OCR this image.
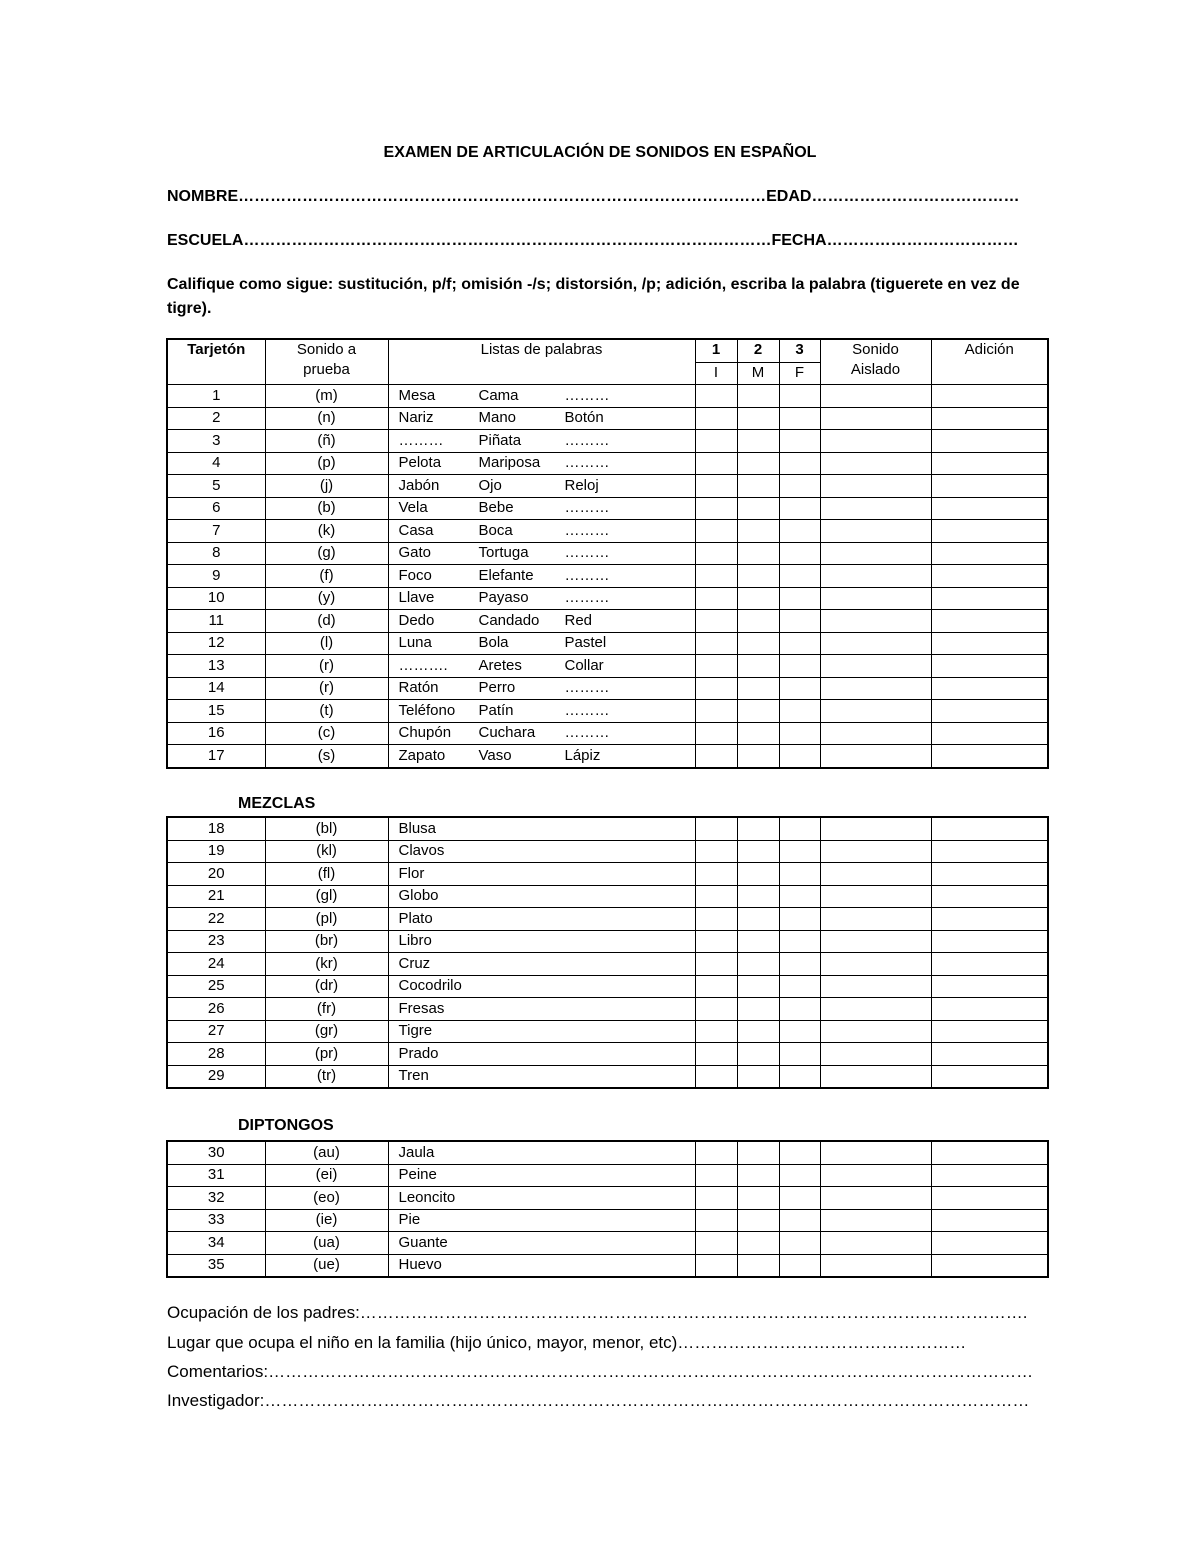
EXAMEN DE ARTICULACIÓN DE SONIDOS EN ESPAÑOL
NOMBRE………………………………………………………………………………………EDAD…………………………………
ESCUELA………………………………………………………………………………………FECHA………………………………
Califique como sigue: sustitución, p/f; omisión -/s; distorsión, /p; adición, escriba la palabra (tiguerete en vez de tigre).
Tarjetón	Sonido a
prueba	Listas de palabras	1	2	3	Sonido
Aislado	Adición
			I	M	F		
1	(m)	Mesa Cama ………					
2	(n)	Nariz Mano Botón					
3	(ñ)	……… Piñata ………					
4	(p)	Pelota Mariposa ………					
5	(j)	Jabón Ojo Reloj					
6	(b)	Vela Bebe ………					
7	(k)	Casa Boca ………					
8	(g)	Gato Tortuga ………					
9	(f)	Foco Elefante ………					
10	(y)	Llave Payaso ………					
11	(d)	Dedo Candado Red					
12	(l)	Luna Bola Pastel					
13	(r)	………. Aretes Collar					
14	(r)	Ratón Perro ………					
15	(t)	Teléfono Patín ………					
16	(c)	Chupón Cuchara ………					
17	(s)	Zapato Vaso Lápiz					
MEZCLAS
18	(bl)	Blusa					
19	(kl)	Clavos					
20	(fl)	Flor					
21	(gl)	Globo					
22	(pl)	Plato					
23	(br)	Libro					
24	(kr)	Cruz					
25	(dr)	Cocodrilo					
26	(fr)	Fresas					
27	(gr)	Tigre					
28	(pr)	Prado					
29	(tr)	Tren					
DIPTONGOS
30	(au)	Jaula					
31	(ei)	Peine					
32	(eo)	Leoncito					
33	(ie)	Pie					
34	(ua)	Guante					
35	(ue)	Huevo					
Ocupación de los padres:……………………………………………………………………………………………………….
Lugar que ocupa el niño en la familia (hijo único, mayor, menor, etc)……………………………………………
Comentarios:………………………………………………………………………………………………………………………
Investigador:………………………………………………………………………………………………………………………
